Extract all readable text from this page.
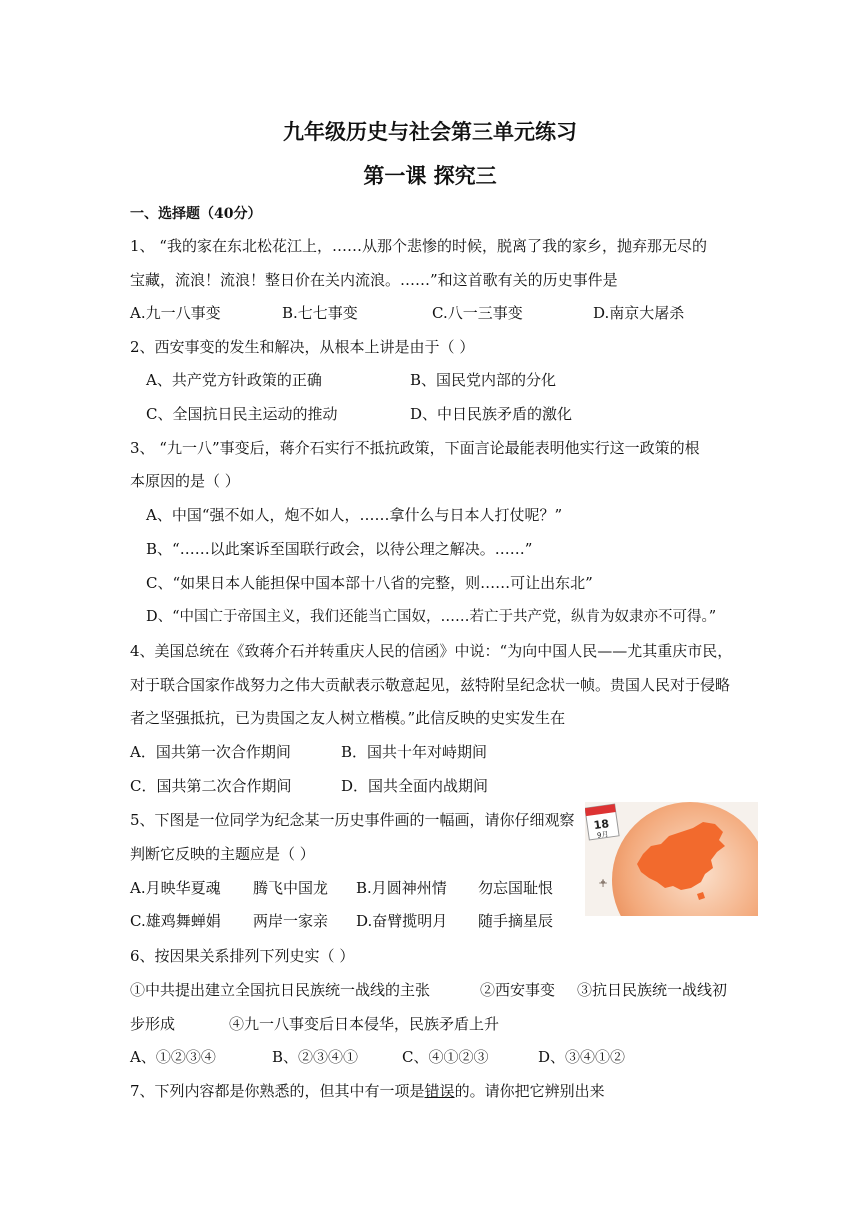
九年级历史与社会第三单元练习
第一课 探究三
一、选择题（40分）
1、 “我的家在东北松花江上，……从那个悲惨的时候，脱离了我的家乡，抛弃那无尽的
宝藏，流浪！流浪！整日价在关内流浪。……”和这首歌有关的历史事件是
A.九一八事变	B.七七事变	C.八一三事变	D.南京大屠杀
2、西安事变的发生和解决，从根本上讲是由于（ ）
A、共产党方针政策的正确	B、国民党内部的分化
C、全国抗日民主运动的推动	D、中日民族矛盾的激化
3、 “九一八”事变后，蒋介石实行不抵抗政策，下面言论最能表明他实行这一政策的根
本原因的是（ ）
A、中国“强不如人，炮不如人，……拿什么与日本人打仗呢？”
B、“……以此案诉至国联行政会，以待公理之解决。……”
C、“如果日本人能担保中国本部十八省的完整，则……可让出东北”
D、“中国亡于帝国主义，我们还能当亡国奴，……若亡于共产党，纵肯为奴隶亦不可得。”
4、美国总统在《致蒋介石并转重庆人民的信函》中说：“为向中国人民——尤其重庆市民，
对于联合国家作战努力之伟大贡献表示敬意起见，兹特附呈纪念状一帧。贵国人民对于侵略
者之坚强抵抗，已为贵国之友人树立楷模。”此信反映的史实发生在
A．国共第一次合作期间	B．国共十年对峙期间
C．国共第二次合作期间	D．国共全面内战期间
5、下图是一位同学为纪念某一历史事件画的一幅画，请你仔细观察
判断它反映的主题应是（ ）
A.月映华夏魂 腾飞中国龙 B.月圆神州情 勿忘国耻恨
C.雄鸡舞蝉娟 两岸一家亲 D.奋臂揽明月 随手摘星辰
+
18
9月
6、按因果关系排列下列史实（ ）
①中共提出建立全国抗日民族统一战线的主张	②西安事变 ③抗日民族统一战线初
步形成	④九一八事变后日本侵华，民族矛盾上升
A、①②③④	B、②③④①	C、④①②③	D、③④①②
7、下列内容都是你熟悉的，但其中有一项是错误的。请你把它辨别出来
